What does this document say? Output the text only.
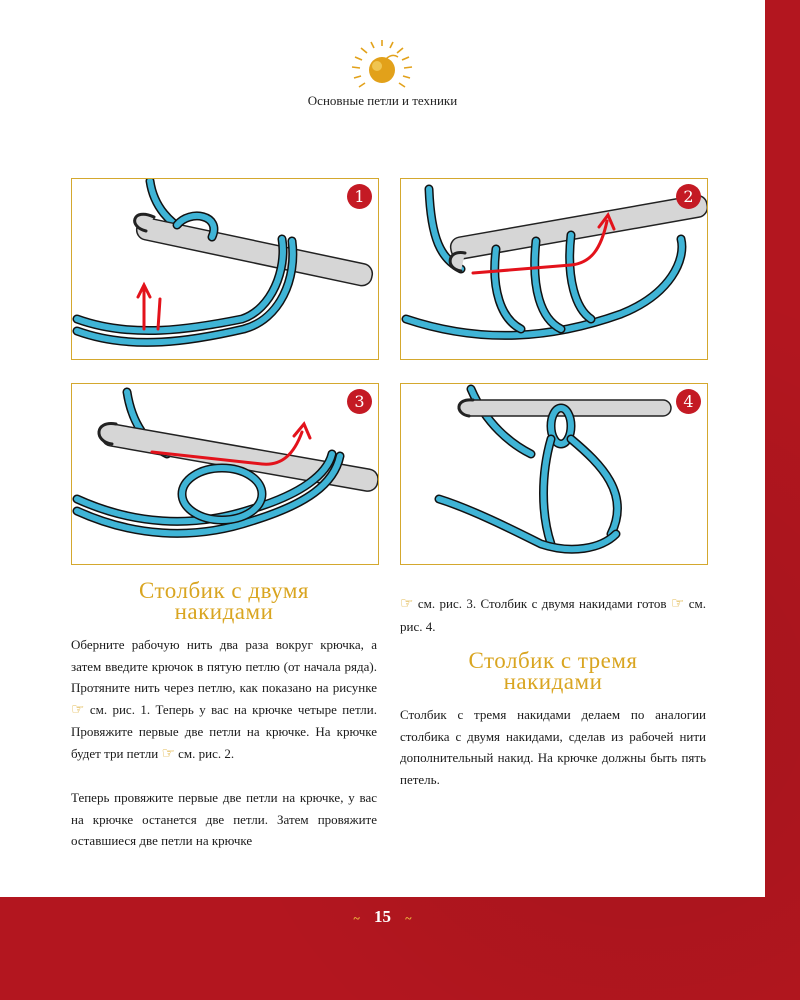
Основные петли и техники
1	2
3	4
Столбик с двумя
накидами

Оберните рабочую нить два раза вокруг крючка, а затем введите крючок в пятую петлю (от начала ряда). Протяните нить через петлю, как показано на рисунке ☞ см. рис. 1. Теперь у вас на крючке четыре петли. Провяжите первые две петли на крючке. На крючке будет три петли ☞ см. рис. 2.

Теперь провяжите первые две петли на крючке, у вас на крючке останется две петли. Затем провяжите оставшиеся две петли на крючке

☞ см. рис. 3. Столбик с двумя накидами готов ☞ см. рис. 4.

Столбик с тремя
накидами

Столбик с тремя накидами делаем по аналогии столбика с двумя накидами, сделав из рабочей нити дополнительный накид. На крючке должны быть пять петель.

~ 15 ~
